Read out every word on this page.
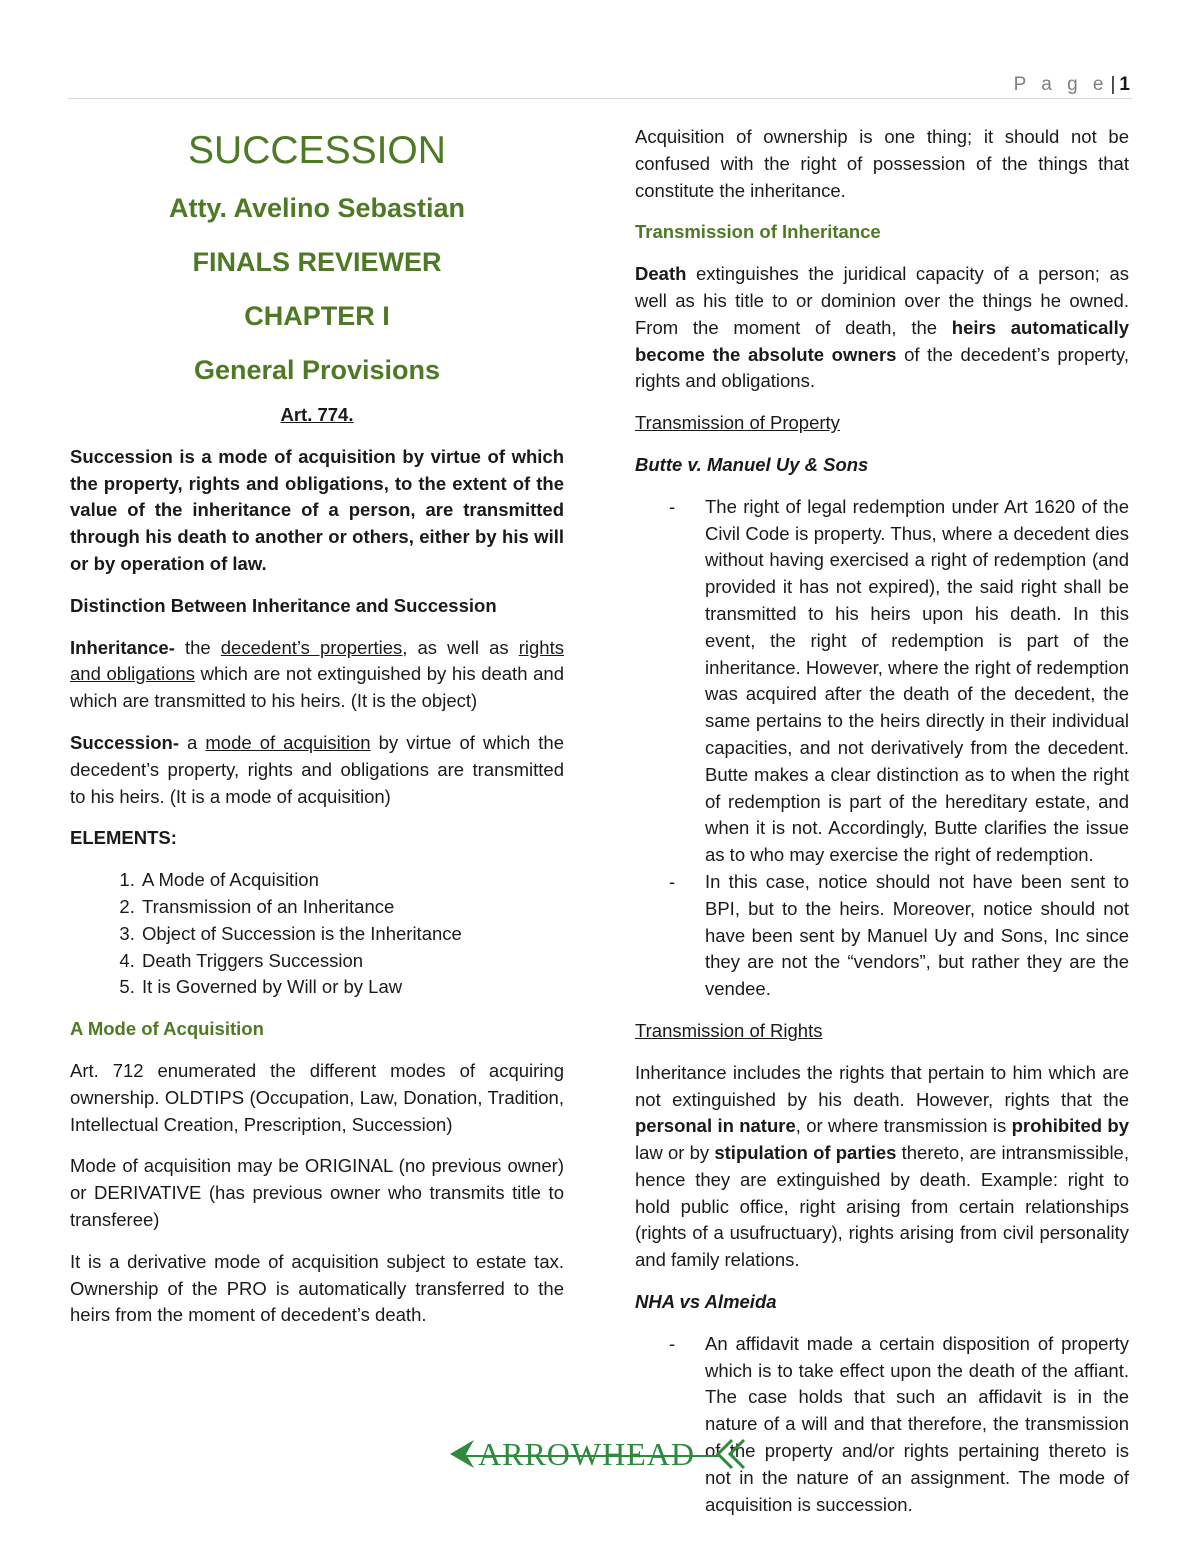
P a g e | 1
SUCCESSION
Atty. Avelino Sebastian
FINALS REVIEWER
CHAPTER I
General Provisions

Art. 774.

Succession is a mode of acquisition by virtue of which the property, rights and obligations, to the extent of the value of the inheritance of a person, are transmitted through his death to another or others, either by his will or by operation of law.

Distinction Between Inheritance and Succession

Inheritance- the decedent’s properties, as well as rights and obligations which are not extinguished by his death and which are transmitted to his heirs. (It is the object)

Succession- a mode of acquisition by virtue of which the decedent’s property, rights and obligations are transmitted to his heirs. (It is a mode of acquisition)

ELEMENTS:

1. A Mode of Acquisition
2. Transmission of an Inheritance
3. Object of Succession is the Inheritance
4. Death Triggers Succession
5. It is Governed by Will or by Law

A Mode of Acquisition

Art. 712 enumerated the different modes of acquiring ownership. OLDTIPS (Occupation, Law, Donation, Tradition, Intellectual Creation, Prescription, Succession)

Mode of acquisition may be ORIGINAL (no previous owner) or DERIVATIVE (has previous owner who transmits title to transferee)

It is a derivative mode of acquisition subject to estate tax. Ownership of the PRO is automatically transferred to the heirs from the moment of decedent’s death.

Acquisition of ownership is one thing; it should not be confused with the right of possession of the things that constitute the inheritance.

Transmission of Inheritance

Death extinguishes the juridical capacity of a person; as well as his title to or dominion over the things he owned. From the moment of death, the heirs automatically become the absolute owners of the decedent’s property, rights and obligations.

Transmission of Property

Butte v. Manuel Uy & Sons

- The right of legal redemption under Art 1620 of the Civil Code is property. Thus, where a decedent dies without having exercised a right of redemption (and provided it has not expired), the said right shall be transmitted to his heirs upon his death. In this event, the right of redemption is part of the inheritance. However, where the right of redemption was acquired after the death of the decedent, the same pertains to the heirs directly in their individual capacities, and not derivatively from the decedent. Butte makes a clear distinction as to when the right of redemption is part of the hereditary estate, and when it is not. Accordingly, Butte clarifies the issue as to who may exercise the right of redemption.
- In this case, notice should not have been sent to BPI, but to the heirs. Moreover, notice should not have been sent by Manuel Uy and Sons, Inc since they are not the “vendors”, but rather they are the vendee.

Transmission of Rights

Inheritance includes the rights that pertain to him which are not extinguished by his death. However, rights that the personal in nature, or where transmission is prohibited by law or by stipulation of parties thereto, are intransmissible, hence they are extinguished by death. Example: right to hold public office, right arising from certain relationships (rights of a usufructuary), rights arising from civil personality and family relations.

NHA vs Almeida

- An affidavit made a certain disposition of property which is to take effect upon the death of the affiant. The case holds that such an affidavit is in the nature of a will and that therefore, the transmission of the property and/or rights pertaining thereto is not in the nature of an assignment. The mode of acquisition is succession.
ARROWHEAD
